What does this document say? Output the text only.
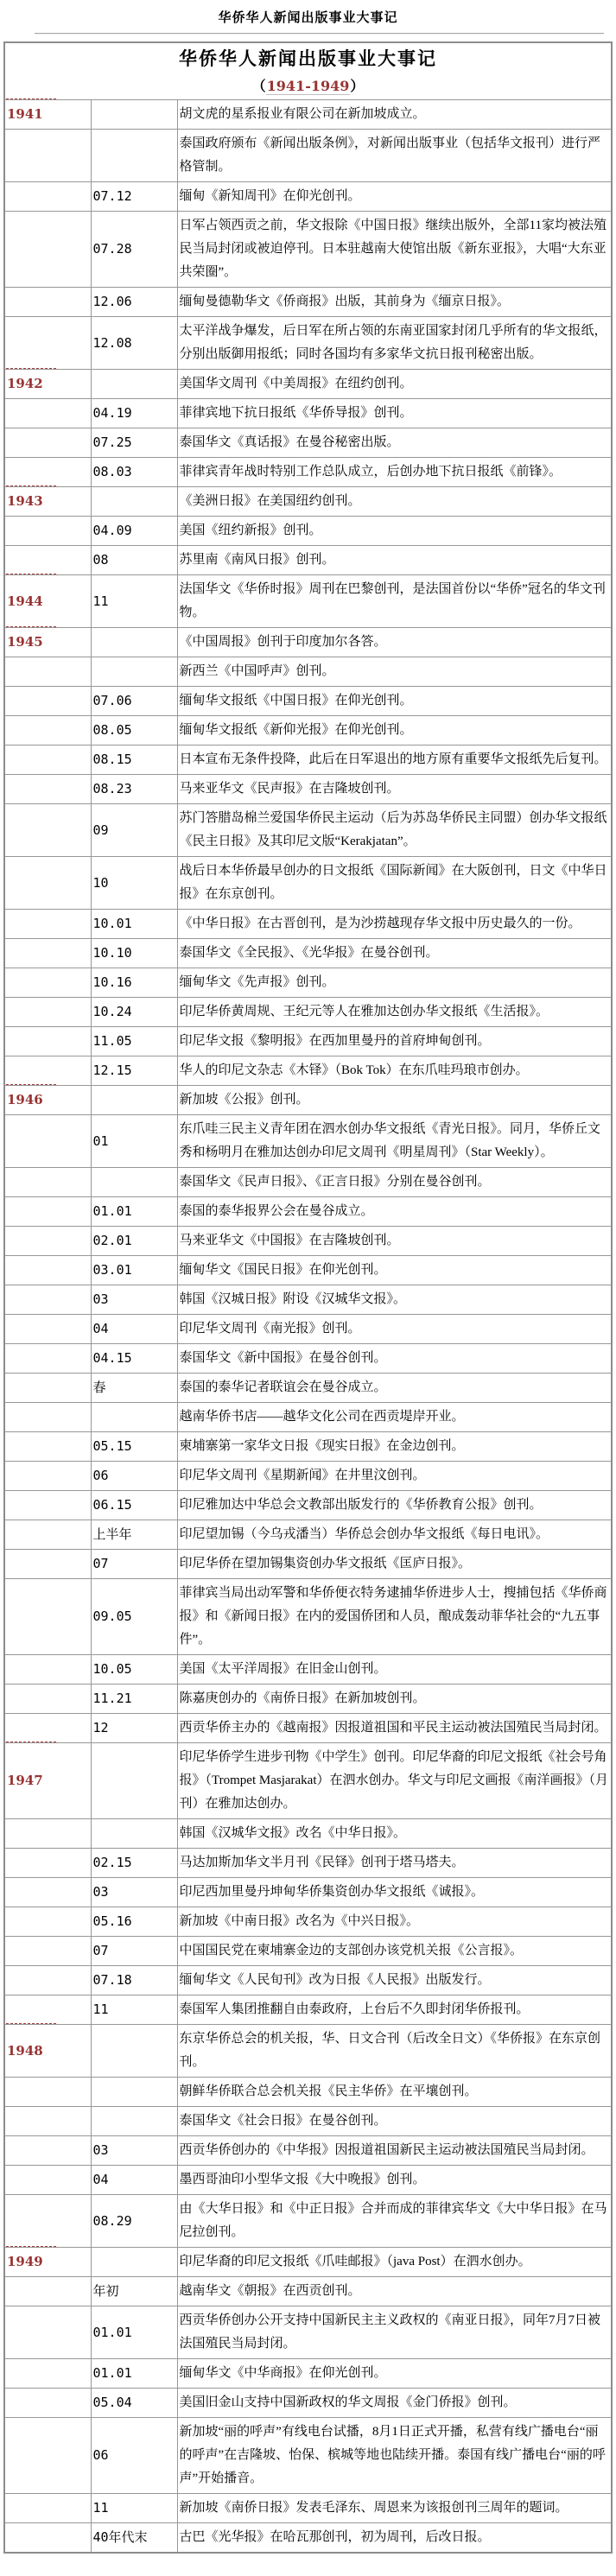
华侨华人新闻出版事业大事记
华侨华人新闻出版事业大事记
（1941-1949）		

1941		胡文虎的星系报业有限公司在新加坡成立。
		泰国政府颁布《新闻出版条例》，对新闻出版事业（包括华文报刊）进行严格管制。
	07.12	缅甸《新知周刊》在仰光创刊。
	07.28	日军占领西贡之前，华文报除《中国日报》继续出版外，全部11家均被法殖民当局封闭或被迫停刊。日本驻越南大使馆出版《新东亚报》，大唱“大东亚共荣圈”。
	12.06	缅甸曼德勒华文《侨商报》出版，其前身为《缅京日报》。
	12.08	太平洋战争爆发，后日军在所占领的东南亚国家封闭几乎所有的华文报纸，分别出版御用报纸；同时各国均有多家华文抗日报刊秘密出版。
1942		美国华文周刊《中美周报》在纽约创刊。
	04.19	菲律宾地下抗日报纸《华侨导报》创刊。
	07.25	泰国华文《真话报》在曼谷秘密出版。
	08.03	菲律宾青年战时特别工作总队成立，后创办地下抗日报纸《前锋》。
1943		《美洲日报》在美国纽约创刊。
	04.09	美国《纽约新报》创刊。
	08	苏里南《南风日报》创刊。
1944	11	法国华文《华侨时报》周刊在巴黎创刊，是法国首份以“华侨”冠名的华文刊物。
1945		《中国周报》创刊于印度加尔各答。
		新西兰《中国呼声》创刊。
	07.06	缅甸华文报纸《中国日报》在仰光创刊。
	08.05	缅甸华文报纸《新仰光报》在仰光创刊。
	08.15	日本宣布无条件投降，此后在日军退出的地方原有重要华文报纸先后复刊。
	08.23	马来亚华文《民声报》在吉隆坡创刊。
	09	苏门答腊岛棉兰爱国华侨民主运动（后为苏岛华侨民主同盟）创办华文报纸《民主日报》及其印尼文版“Kerakjatan”。
	10	战后日本华侨最早创办的日文报纸《国际新闻》在大阪创刊，日文《中华日报》在东京创刊。
	10.01	《中华日报》在古晋创刊，是为沙捞越现存华文报中历史最久的一份。
	10.10	泰国华文《全民报》、《光华报》在曼谷创刊。
	10.16	缅甸华文《先声报》创刊。
	10.24	印尼华侨黄周规、王纪元等人在雅加达创办华文报纸《生活报》。
	11.05	印尼华文报《黎明报》在西加里曼丹的首府坤甸创刊。
	12.15	华人的印尼文杂志《木铎》（Bok Tok）在东爪哇玛琅市创办。
1946		新加坡《公报》创刊。
	01	东爪哇三民主义青年团在泗水创办华文报纸《青光日报》。同月，华侨丘文秀和杨明月在雅加达创办印尼文周刊《明星周刊》（Star Weekly）。
		泰国华文《民声日报》、《正言日报》分别在曼谷创刊。
	01.01	泰国的泰华报界公会在曼谷成立。
	02.01	马来亚华文《中国报》在吉隆坡创刊。
	03.01	缅甸华文《国民日报》在仰光创刊。
	03	韩国《汉城日报》附设《汉城华文报》。
	04	印尼华文周刊《南光报》创刊。
	04.15	泰国华文《新中国报》在曼谷创刊。
	春	泰国的泰华记者联谊会在曼谷成立。
		越南华侨书店——越华文化公司在西贡堤岸开业。
	05.15	柬埔寨第一家华文日报《现实日报》在金边创刊。
	06	印尼华文周刊《星期新闻》在井里汶创刊。
	06.15	印尼雅加达中华总会文教部出版发行的《华侨教育公报》创刊。
	上半年	印尼望加锡（今乌戎潘当）华侨总会创办华文报纸《每日电讯》。
	07	印尼华侨在望加锡集资创办华文报纸《匡庐日报》。
	09.05	菲律宾当局出动军警和华侨便衣特务逮捕华侨进步人士，搜捕包括《华侨商报》和《新闻日报》在内的爱国侨团和人员，酿成轰动菲华社会的“九五事件”。
	10.05	美国《太平洋周报》在旧金山创刊。
	11.21	陈嘉庚创办的《南侨日报》在新加坡创刊。
	12	西贡华侨主办的《越南报》因报道祖国和平民主运动被法国殖民当局封闭。
1947		印尼华侨学生进步刊物《中学生》创刊。印尼华裔的印尼文报纸《社会号角报》（Trompet Masjarakat）在泗水创办。华文与印尼文画报《南洋画报》（月刊）在雅加达创办。
		韩国《汉城华文报》改名《中华日报》。
	02.15	马达加斯加华文半月刊《民铎》创刊于塔马塔夫。
	03	印尼西加里曼丹坤甸华侨集资创办华文报纸《诚报》。
	05.16	新加坡《中南日报》改名为《中兴日报》。
	07	中国国民党在柬埔寨金边的支部创办该党机关报《公言报》。
	07.18	缅甸华文《人民旬刊》改为日报《人民报》出版发行。
	11	泰国军人集团推翻自由泰政府，上台后不久即封闭华侨报刊。
1948		东京华侨总会的机关报，华、日文合刊（后改全日文）《华侨报》在东京创刊。
		朝鲜华侨联合总会机关报《民主华侨》在平壤创刊。
		泰国华文《社会日报》在曼谷创刊。
	03	西贡华侨创办的《中华报》因报道祖国新民主运动被法国殖民当局封闭。
	04	墨西哥油印小型华文报《大中晚报》创刊。
	08.29	由《大华日报》和《中正日报》合并而成的菲律宾华文《大中华日报》在马尼拉创刊。
1949		印尼华裔的印尼文报纸《爪哇邮报》（java Post）在泗水创办。
	年初	越南华文《朝报》在西贡创刊。
	01.01	西贡华侨创办公开支持中国新民主主义政权的《南亚日报》，同年7月7日被法国殖民当局封闭。
	01.01	缅甸华文《中华商报》在仰光创刊。
	05.04	美国旧金山支持中国新政权的华文周报《金门侨报》创刊。
	06	新加坡“丽的呼声”有线电台试播，8月1日正式开播，私营有线广播电台“丽的呼声”在吉隆坡、怡保、槟城等地也陆续开播。泰国有线广播电台“丽的呼声”开始播音。
	11	新加坡《南侨日报》发表毛泽东、周恩来为该报创刊三周年的题词。
	40年代末	古巴《光华报》在哈瓦那创刊，初为周刊，后改日报。
